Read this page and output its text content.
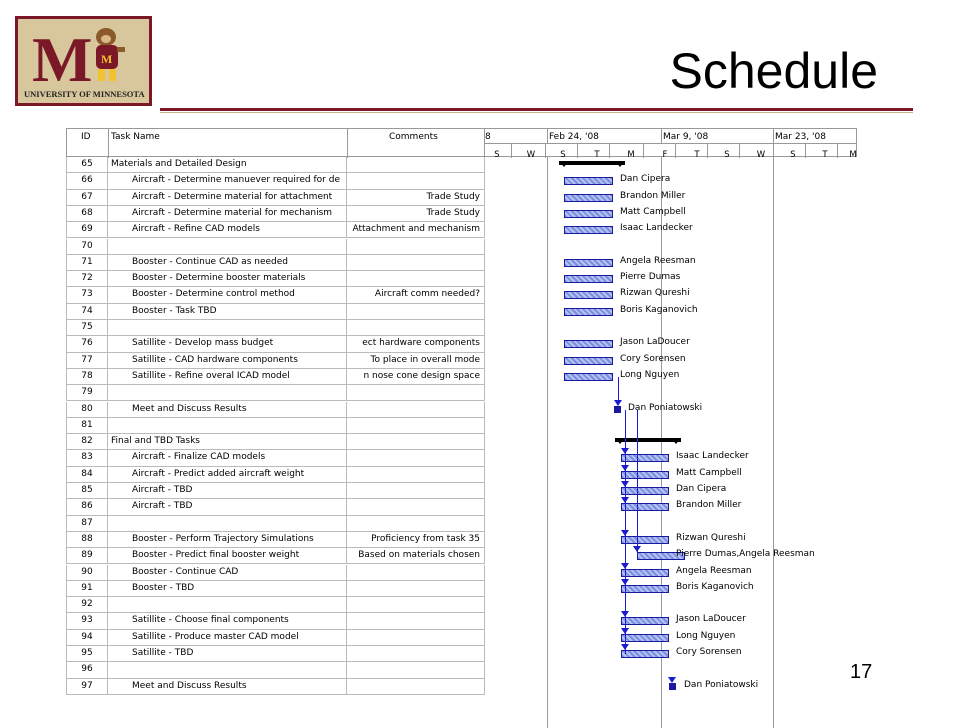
M M
UNIVERSITY OF MINNESOTA	Schedule
ID Task Name	Comments
65	Materials and Detailed Design
66	Aircraft - Determine manuever required for de
67	Aircraft - Determine material for attachment	Trade Study
68	Aircraft - Determine material for mechanism	Trade Study
69	Aircraft - Refine CAD models	Attachment and mechanism
70
71	Booster - Continue CAD as needed
72	Booster - Determine booster materials
73	Booster - Determine control method	Aircraft comm needed?
74	Booster - Task TBD
75
76	Satillite - Develop mass budget	ect hardware components
77	Satillite - CAD hardware components	To place in overall mode
78	Satillite - Refine overal ICAD model	n nose cone design space
79
80	Meet and Discuss Results
81
82	Final and TBD Tasks
83	Aircraft - Finalize CAD models
84	Aircraft - Predict added aircraft weight
85	Aircraft - TBD
86	Aircraft - TBD
87
88	Booster - Perform Trajectory Simulations	Proficiency from task 35
89	Booster - Predict final booster weight	Based on materials chosen
90	Booster - Continue CAD
91	Booster - TBD
92
93	Satillite - Choose final components
94	Satillite - Produce master CAD model
95	Satillite - TBD
96
97	Meet and Discuss Results
8	Feb 24, '08	Mar 9, '08	Mar 23, '08
S	W	S	T	M	F	T	S	W	S	T	M
Dan Cipera
Brandon Miller
Matt Campbell
Isaac Landecker
Angela Reesman
Pierre Dumas
Rizwan Qureshi
Boris Kaganovich
Jason LaDoucer
Cory Sorensen
Long Nguyen
Dan Poniatowski
Isaac Landecker
Matt Campbell
Dan Cipera
Brandon Miller
Rizwan Qureshi
Pierre Dumas,Angela Reesman
Angela Reesman
Boris Kaganovich
Jason LaDoucer
Long Nguyen
Cory Sorensen
Dan Poniatowski
17
